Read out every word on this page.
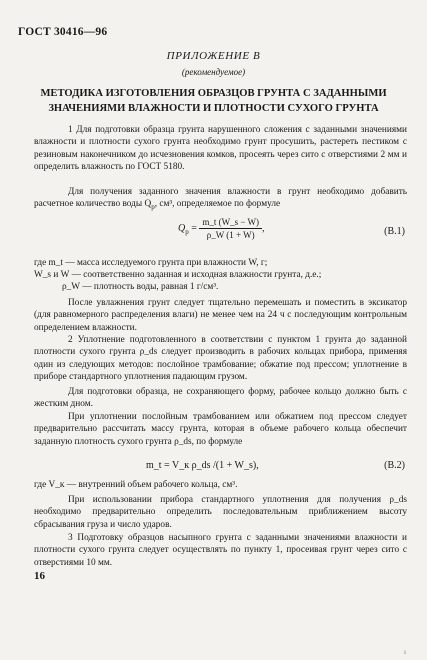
ГОСТ 30416—96
ПРИЛОЖЕНИЕ В
(рекомендуемое)
МЕТОДИКА ИЗГОТОВЛЕНИЯ ОБРАЗЦОВ ГРУНТА С ЗАДАННЫМИ
ЗНАЧЕНИЯМИ ВЛАЖНОСТИ И ПЛОТНОСТИ СУХОГО ГРУНТА

1 Для подготовки образца грунта нарушенного сложения с заданными значениями влажности и плотности сухого грунта необходимо грунт просушить, растереть пестиком с резиновым наконечником до исчезновения комков, просеять через сито с отверстиями 2 мм и определить влажность по ГОСТ 5180.

Для получения заданного значения влажности в грунт необходимо добавить расчетное количество воды $Q_р$, см³, определяемое по формуле

$Q_р = \frac{m\_t (W\_s - W)}{\rho\_W (1 + W)}$ ,	(В.1)
где m_t — масса исследуемого грунта при влажности W, г;
W_s и W — соответственно заданная и исходная влажности грунта, д.е.;
ρ_W — плотность воды, равная 1 г/см³.

После увлажнения грунт следует тщательно перемешать и поместить в эксикатор (для равномерного распределения влаги) не менее чем на 24 ч с последующим контрольным определением влажности.

2 Уплотнение подготовленного в соответствии с пунктом 1 грунта до заданной плотности сухого грунта ρ_ds следует производить в рабочих кольцах прибора, применяя один из следующих методов: послойное трамбование; обжатие под прессом; уплотнение в приборе стандартного уплотнения падающим грузом.

Для подготовки образца, не сохраняющего форму, рабочее кольцо должно быть с жестким дном.

При уплотнении послойным трамбованием или обжатием под прессом следует предварительно рассчитать массу грунта, которая в объеме рабочего кольца обеспечит заданную плотность сухого грунта ρ_ds, по формуле

m_t = V_к ρ_ds /(1 + W_s),	(В.2)
где V_к — внутренний объем рабочего кольца, см³.

При использовании прибора стандартного уплотнения для получения ρ_ds необходимо предварительно определить последовательным приближением высоту сбрасывания груза и число ударов.

3 Подготовку образцов насыпного грунта с заданными значениями влажности и плотности сухого грунта следует осуществлять по пункту 1, просеивая грунт через сито с отверстиями 10 мм.

16
ı
